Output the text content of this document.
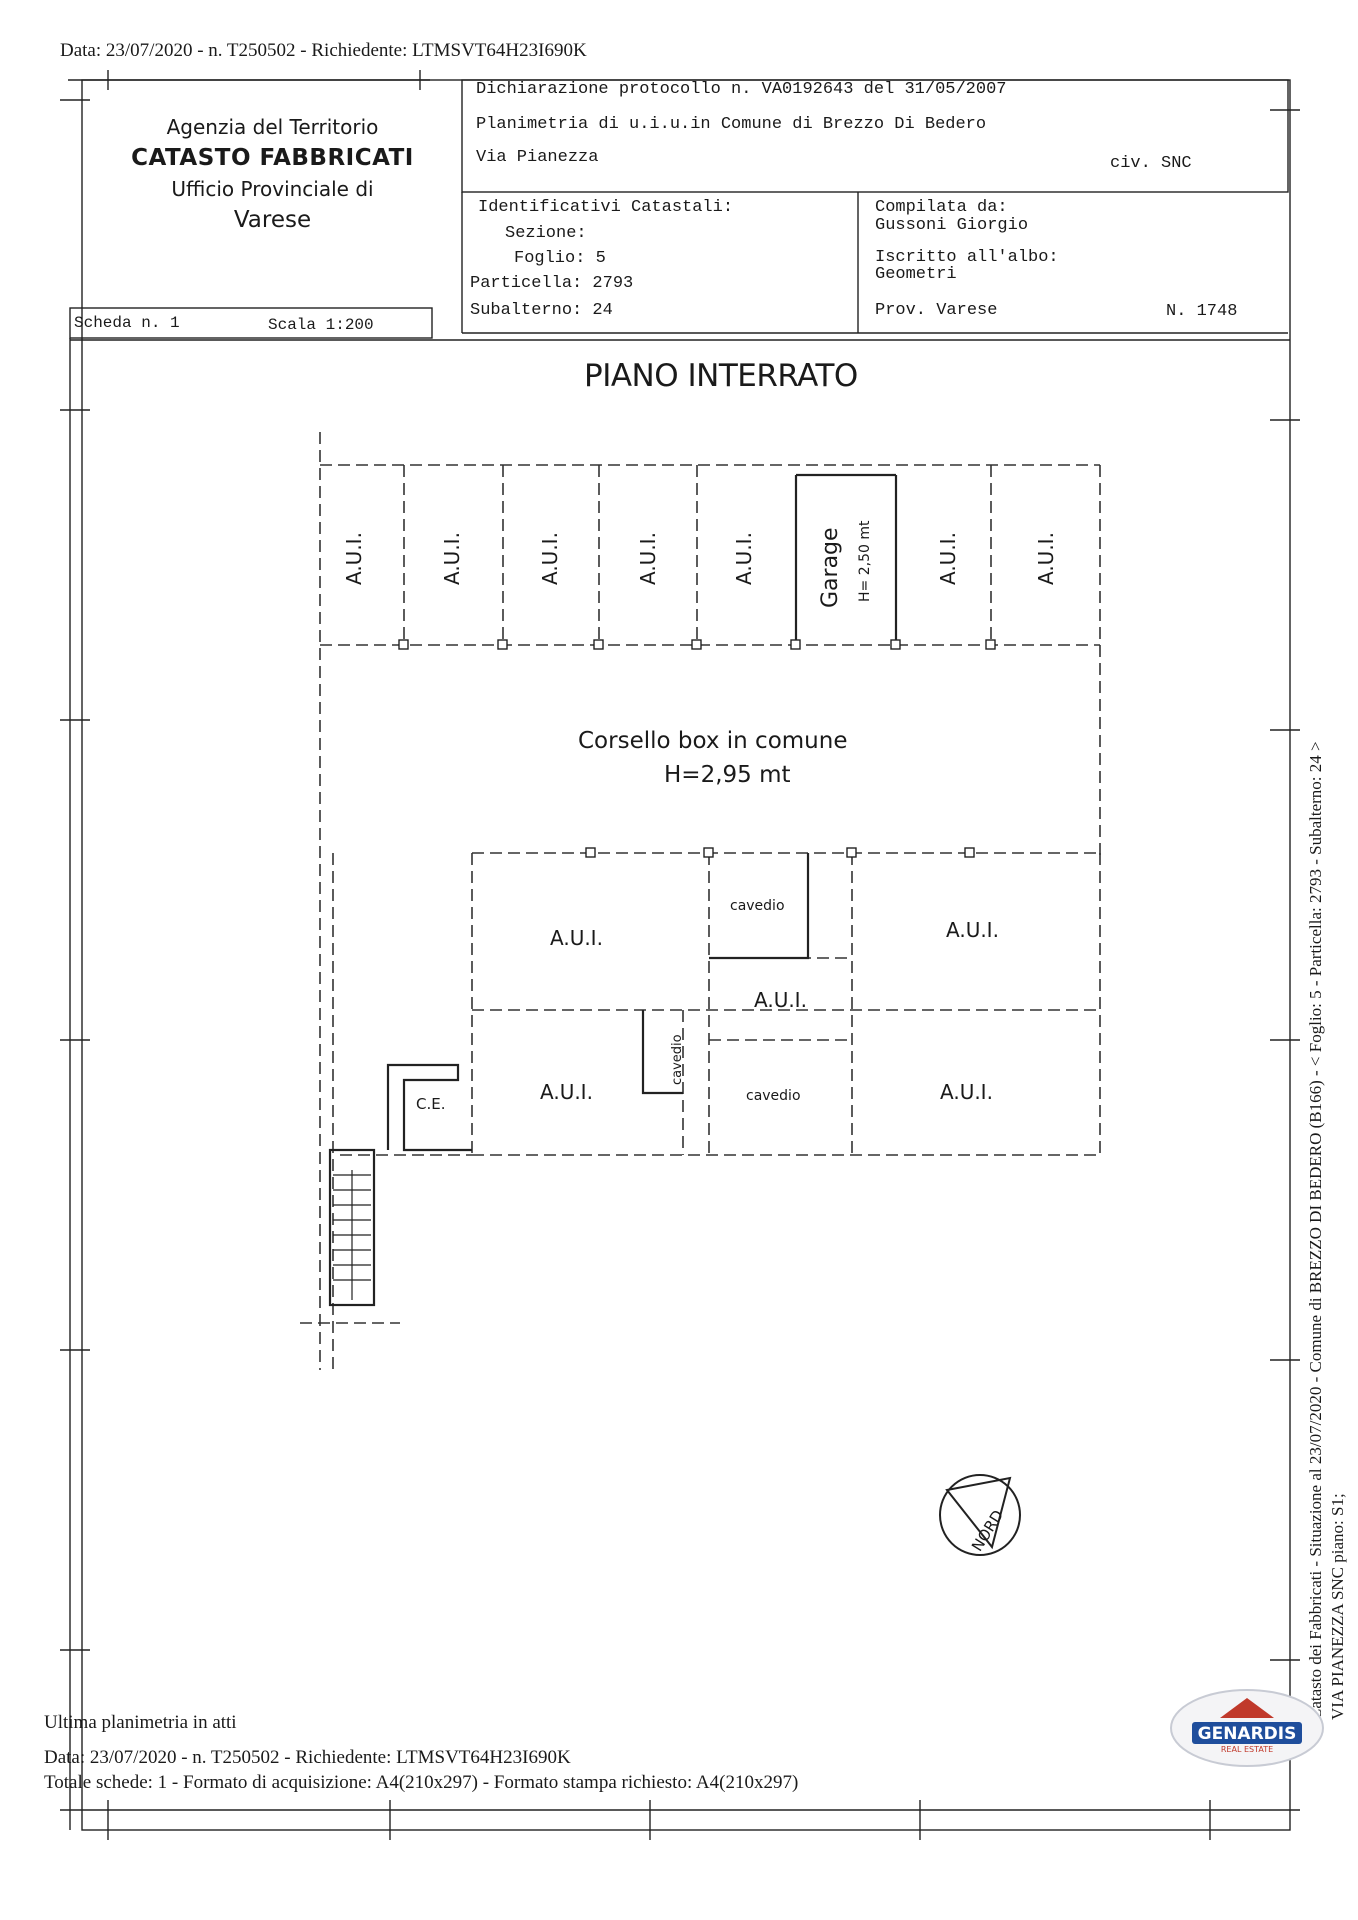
Data: 23/07/2020 - n. T250502 - Richiedente: LTMSVT64H23I690K
Agenzia del Territorio
CATASTO FABBRICATI
Ufficio Provinciale di
Varese
Dichiarazione protocollo n. VA0192643 del 31/05/2007
Planimetria di u.i.u.in Comune di Brezzo Di Bedero
Via Pianezza	civ. SNC
Identificativi Catastali:
Sezione:
Foglio: 5
Particella: 2793
Subalterno: 24
Compilata da:
Gussoni Giorgio
Iscritto all'albo:
Geometri
Prov. Varese	N. 1748
Scheda n. 1	Scala 1:200
PIANO INTERRATO
A.U.I.	A.U.I.	A.U.I.	A.U.I.	A.U.I.	Garage H= 2,50 mt	A.U.I.	A.U.I.
Corsello box in comune
H=2,95 mt
A.U.I.
cavedio
A.U.I.
A.U.I.
A.U.I.
cavedio
cavedio	A.U.I.
C.E.
NORD
Ultima planimetria in atti
Data: 23/07/2020 - n. T250502 - Richiedente: LTMSVT64H23I690K
Totale schede: 1 - Formato di acquisizione: A4(210x297) - Formato stampa richiesto: A4(210x297)
Catasto dei Fabbricati - Situazione al 23/07/2020 - Comune di BREZZO DI BEDERO (B166) - < Foglio: 5 - Particella: 2793 - Subalterno: 24 > VIA PIANEZZA SNC piano: S1;
GENARDIS
REAL ESTATE
